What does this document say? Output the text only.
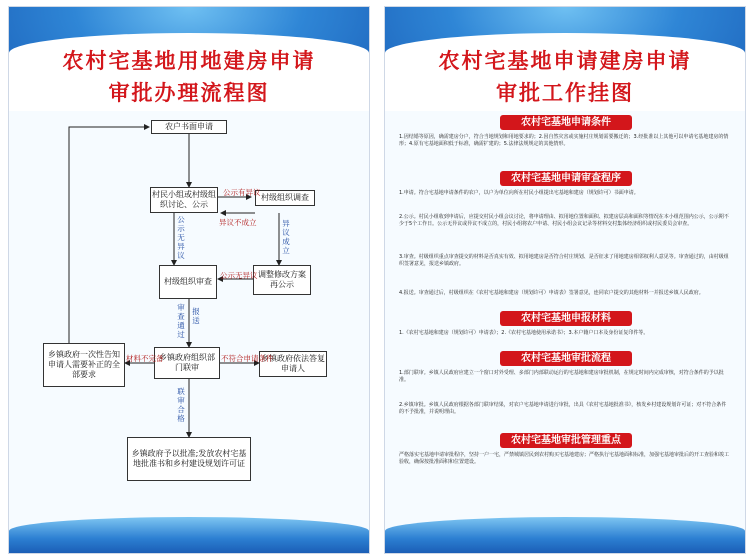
农村宅基地用地建房申请
审批办理流程图
农户书面申请
村民小组或村级组织讨论、公示
村级组织调查
村级组织审查
调整修改方案再公示
乡镇政府组织部门联审
乡镇政府一次性告知申请人需要补正的全部要求
乡镇政府依法答复申请人
乡镇政府予以批准;发放农村宅基地批准书和乡村建设规划许可证
公示有异议
异议不成立
公示无异议
异议成立
公示无异议
审查通过
报送
材料不完备	不符合申请条件
联审合格
农村宅基地申请建房申请
审批工作挂图
农村宅基地申请条件
1.因结婚等原因，确需建房分户，符合当地规划和用地要求的；2.因自然灾害或实施村庄规划需要搬迁的；3.经批准以上其他可以申请宅基地建房的情形；4.原有宅基地面积低于标准，确需扩建的；5.法律法规规定的其他情形。
农村宅基地申请审查程序
1.申请。符合宅基地申请条件的农户，以户为单位向所在村民小组提出宅基地和建房（规划许可）书面申请。
2.公示。村民小组收到申请后，应提交村民小组会议讨论，将申请理由、拟用地位置和面积、拟建房层高和面积等情况在本小组范围内公示，公示期不少于5个工作日。公示无异议或异议不成立的，村民小组将农户申请、村民小组会议记录等材料交村集体经济组织或村民委员会审查。
3.审查。村级组织重点审查提交的材料是否真实有效、拟用地建房是否符合村庄规划、是否征求了用地建房相邻权利人意见等。审查通过的，由村级组织签署意见，报送乡镇政府。
4.报送。审查通过后，村级组织在《农村宅基地和建房（规划许可）申请表》签署意见，连同农户提交的其他材料一并报送乡镇人民政府。
农村宅基地申报材料
1.《农村宅基地和建房（规划许可）申请表》；2.《农村宅基地使用承诺书》；3.本户籍户口本及身份证复印件等。
农村宅基地审批流程
1.部门联审。乡镇人民政府应建立一个窗口对外受理、多部门内部联动运行的宅基地和建房审批机制，在规定时间内完成审核，对符合条件的予以批准。
2.乡镇审批。乡镇人民政府根据各部门联审结果，对农户宅基地申请进行审批，出具《农村宅基地批准书》，核发乡村建设规划许可证；对不符合条件的不予批准，并说明理由。
农村宅基地审批管理重点
严格落实宅基地申请审批程序，坚持一户一宅，严禁城镇居民到农村购买宅基地建房；严格执行宅基地面积标准，加强宅基地审批后的开工查验和竣工验收，确保按批准面积和位置建设。
